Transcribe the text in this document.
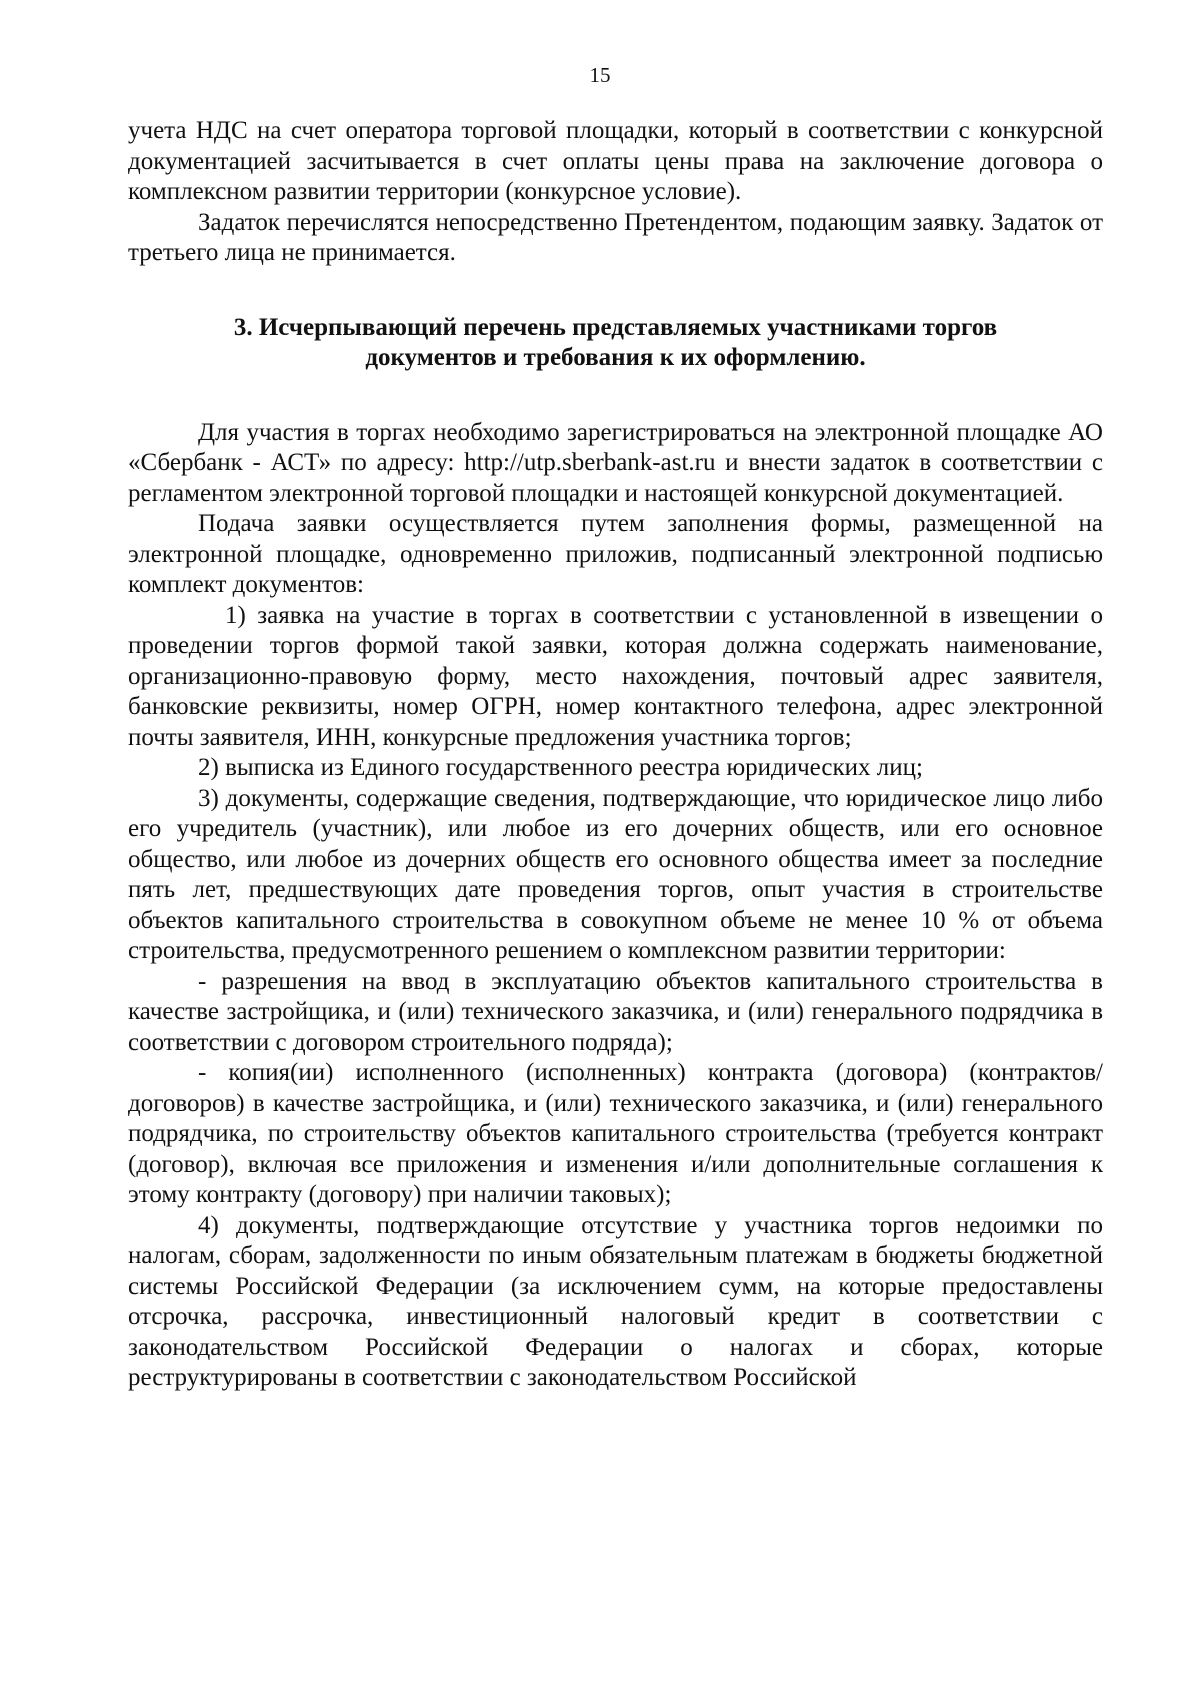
15

учета НДС на счет оператора торговой площадки, который в соответствии с конкурсной документацией засчитывается в счет оплаты цены права на заключение договора о комплексном развитии территории (конкурсное условие).

Задаток перечислятся непосредственно Претендентом, подающим заявку. Задаток от третьего лица не принимается.

3. Исчерпывающий перечень представляемых участниками торгов
документов и требования к их оформлению.

Для участия в торгах необходимо зарегистрироваться на электронной площадке АО «Сбербанк - АСТ» по адресу: http://utp.sberbank-ast.ru и внести задаток в соответствии с регламентом электронной торговой площадки и настоящей конкурсной документацией.

Подача заявки осуществляется путем заполнения формы, размещенной на электронной площадке, одновременно приложив, подписанный электронной подписью комплект документов:

1) заявка на участие в торгах в соответствии с установленной в извещении о проведении торгов формой такой заявки, которая должна содержать наименование, организационно-правовую форму, место нахождения, почтовый адрес заявителя, банковские реквизиты, номер ОГРН, номер контактного телефона, адрес электронной почты заявителя, ИНН, конкурсные предложения участника торгов;

2) выписка из Единого государственного реестра юридических лиц;

3) документы, содержащие сведения, подтверждающие, что юридическое лицо либо его учредитель (участник), или любое из его дочерних обществ, или его основное общество, или любое из дочерних обществ его основного общества имеет за последние пять лет, предшествующих дате проведения торгов, опыт участия в строительстве объектов капитального строительства в совокупном объеме не менее 10 % от объема строительства, предусмотренного решением о комплексном развитии территории:

- разрешения на ввод в эксплуатацию объектов капитального строительства в качестве застройщика, и (или) технического заказчика, и (или) генерального подрядчика в соответствии с договором строительного подряда);

- копия(ии) исполненного (исполненных) контракта (договора) (контрактов/договоров) в качестве застройщика, и (или) технического заказчика, и (или) генерального подрядчика, по строительству объектов капитального строительства (требуется контракт (договор), включая все приложения и изменения и/или дополнительные соглашения к этому контракту (договору) при наличии таковых);

4) документы, подтверждающие отсутствие у участника торгов недоимки по налогам, сборам, задолженности по иным обязательным платежам в бюджеты бюджетной системы Российской Федерации (за исключением сумм, на которые предоставлены отсрочка, рассрочка, инвестиционный налоговый кредит в соответствии с законодательством Российской Федерации о налогах и сборах, которые реструктурированы в соответствии с законодательством Российской
